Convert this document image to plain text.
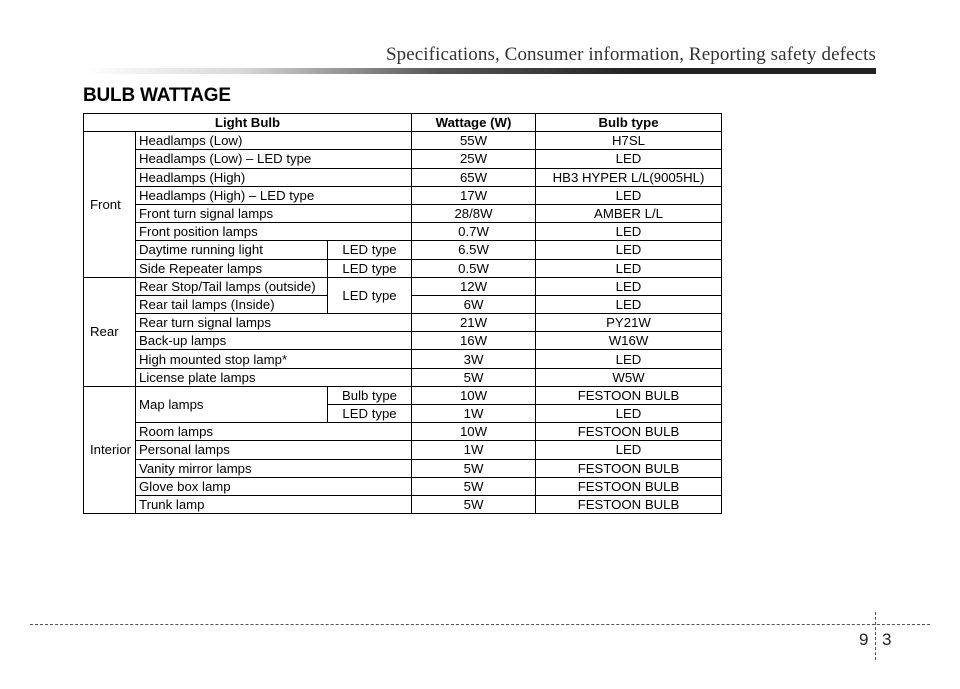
Specifications, Consumer information, Reporting safety defects
BULB WATTAGE
Light Bulb			Wattage (W)	Bulb type
Front	Headlamps (Low)		55W	H7SL
	Headlamps (Low) – LED type		25W	LED
	Headlamps (High)		65W	HB3 HYPER L/L(9005HL)
	Headlamps (High) – LED type		17W	LED
	Front turn signal lamps		28/8W	AMBER L/L
	Front position lamps		0.7W	LED
	Daytime running light	LED type	6.5W	LED
	Side Repeater lamps	LED type	0.5W	LED
Rear	Rear Stop/Tail lamps (outside)	LED type	12W	LED
	Rear tail lamps (Inside)		6W	LED
	Rear turn signal lamps		21W	PY21W
	Back-up lamps		16W	W16W
	High mounted stop lamp*		3W	LED
	License plate lamps		5W	W5W
Interior	Map lamps	Bulb type	10W	FESTOON BULB
		LED type	1W	LED
	Room lamps		10W	FESTOON BULB
	Personal lamps		1W	LED
	Vanity mirror lamps		5W	FESTOON BULB
	Glove box lamp		5W	FESTOON BULB
	Trunk lamp		5W	FESTOON BULB
9 3
